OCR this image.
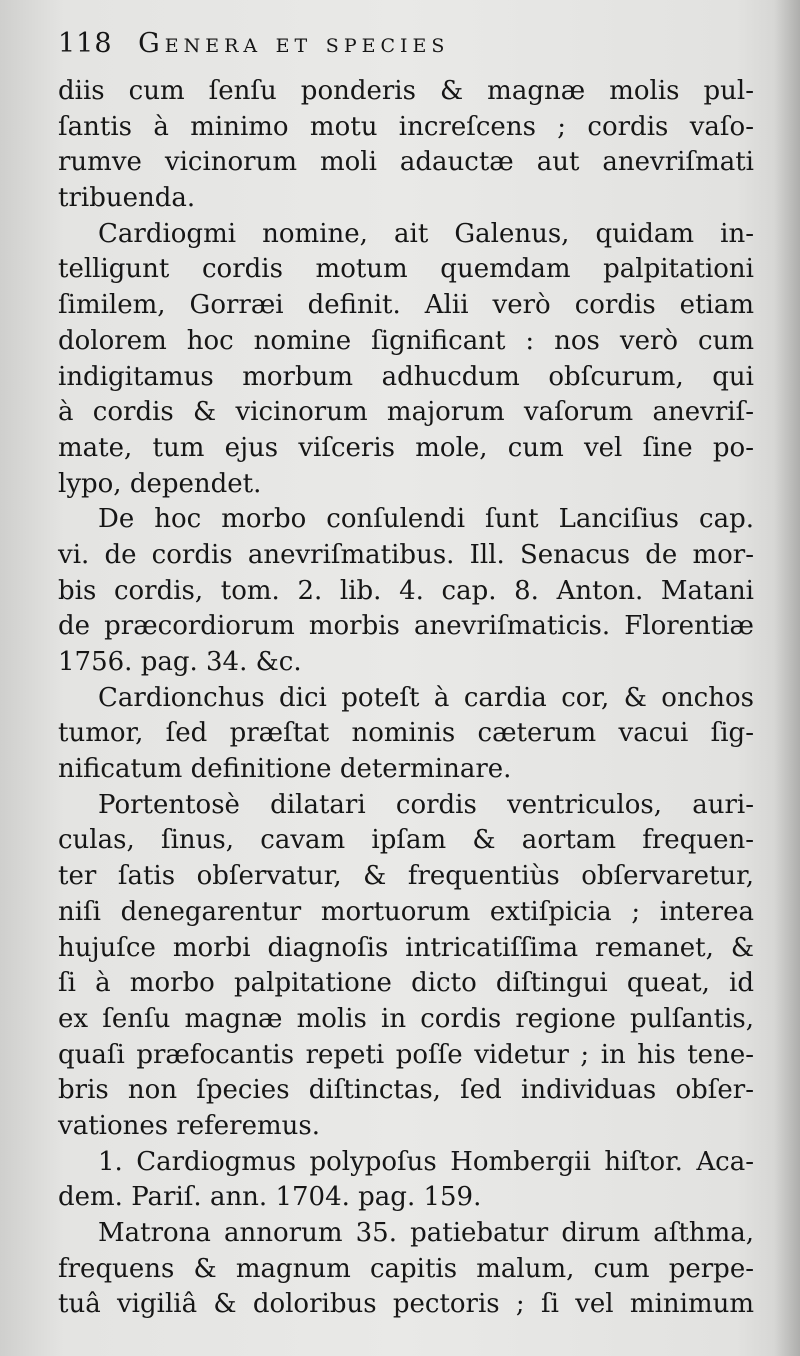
118 Genera et species
diis cum ſenſu ponderis & magnæ molis pul-
ſantis à minimo motu increſcens ; cordis vaſo-
rumve vicinorum moli adauctæ aut anevriſmati
tribuenda.
Cardiogmi nomine, ait Galenus, quidam in-
telligunt cordis motum quemdam palpitationi
ſimilem, Gorræi definit. Alii verò cordis etiam
dolorem hoc nomine ſignificant : nos verò cum
indigitamus morbum adhucdum obſcurum, qui
à cordis & vicinorum majorum vaſorum anevriſ-
mate, tum ejus viſceris mole, cum vel ſine po-
lypo, dependet.
De hoc morbo conſulendi ſunt Lanciſius cap.
vi. de cordis anevriſmatibus. Ill. Senacus de mor-
bis cordis, tom. 2. lib. 4. cap. 8. Anton. Matani
de præcordiorum morbis anevriſmaticis. Florentiæ
1756. pag. 34. &c.
Cardionchus dici poteſt à cardia cor, & onchos
tumor, ſed præſtat nominis cæterum vacui ſig-
nificatum definitione determinare.
Portentosè dilatari cordis ventriculos, auri-
culas, ſinus, cavam ipſam & aortam frequen-
ter ſatis obſervatur, & frequentiùs obſervaretur,
niſi denegarentur mortuorum extiſpicia ; interea
hujuſce morbi diagnoſis intricatiſſima remanet, &
ſi à morbo palpitatione dicto diſtingui queat, id
ex ſenſu magnæ molis in cordis regione pulſantis,
quaſi præfocantis repeti poſſe videtur ; in his tene-
bris non ſpecies diſtinctas, ſed individuas obſer-
vationes referemus.
1. Cardiogmus polypoſus Hombergii hiſtor. Aca-
dem. Pariſ. ann. 1704. pag. 159.
Matrona annorum 35. patiebatur dirum aſthma,
frequens & magnum capitis malum, cum perpe-
tuâ vigiliâ & doloribus pectoris ; ſi vel minimum
